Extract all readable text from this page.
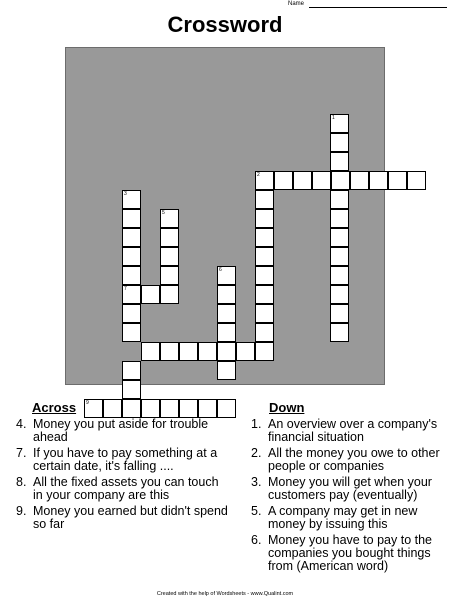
Name
Crossword
1
2
3
7
5
6
9
Across
4. Money you put aside for trouble ahead
7. If you have to pay something at a certain date, it's falling ....
8. All the fixed assets you can touch in your company are this
9. Money you earned but didn't spend so far
Down
1. An overview over a company's financial situation
2. All the money you owe to other people or companies
3. Money you will get when your customers pay (eventually)
5. A company may get in new money by issuing this
6. Money you have to pay to the companies you bought things from (American word)
Created with the help of Wordsheets - www.Qualint.com
